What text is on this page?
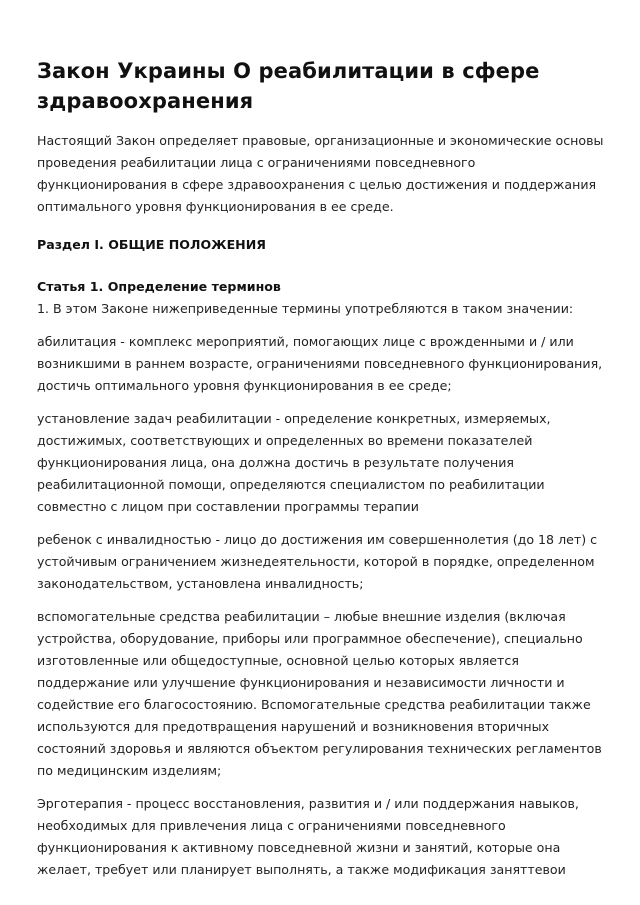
Закон Украины О реабилитации в сфере здравоохранения

Настоящий Закон определяет правовые, организационные и экономические основы проведения реабилитации лица с ограничениями повседневного функционирования в сфере здравоохранения с целью достижения и поддержания оптимального уровня функционирования в ее среде.

Раздел I. ОБЩИЕ ПОЛОЖЕНИЯ
Статья 1. Определение терминов

1. В этом Законе нижеприведенные термины употребляются в таком значении:

абилитация - комплекс мероприятий, помогающих лице с врожденными и / или возникшими в раннем возрасте, ограничениями повседневного функционирования, достичь оптимального уровня функционирования в ее среде;

установление задач реабилитации - определение конкретных, измеряемых, достижимых, соответствующих и определенных во времени показателей функционирования лица, она должна достичь в результате получения реабилитационной помощи, определяются специалистом по реабилитации совместно с лицом при составлении программы терапии

ребенок с инвалидностью - лицо до достижения им совершеннолетия (до 18 лет) с устойчивым ограничением жизнедеятельности, которой в порядке, определенном законодательством, установлена инвалидность;

вспомогательные средства реабилитации – любые внешние изделия (включая устройства, оборудование, приборы или программное обеспечение), специально изготовленные или общедоступные, основной целью которых является поддержание или улучшение функционирования и независимости личности и содействие его благосостоянию. Вспомогательные средства реабилитации также используются для предотвращения нарушений и возникновения вторичных состояний здоровья и являются объектом регулирования технических регламентов по медицинским изделиям;

Эрготерапия - процесс восстановления, развития и / или поддержания навыков, необходимых для привлечения лица с ограничениями повседневного функционирования к активному повседневной жизни и занятий, которые она желает, требует или планирует выполнять, а также модификация заняттевои
